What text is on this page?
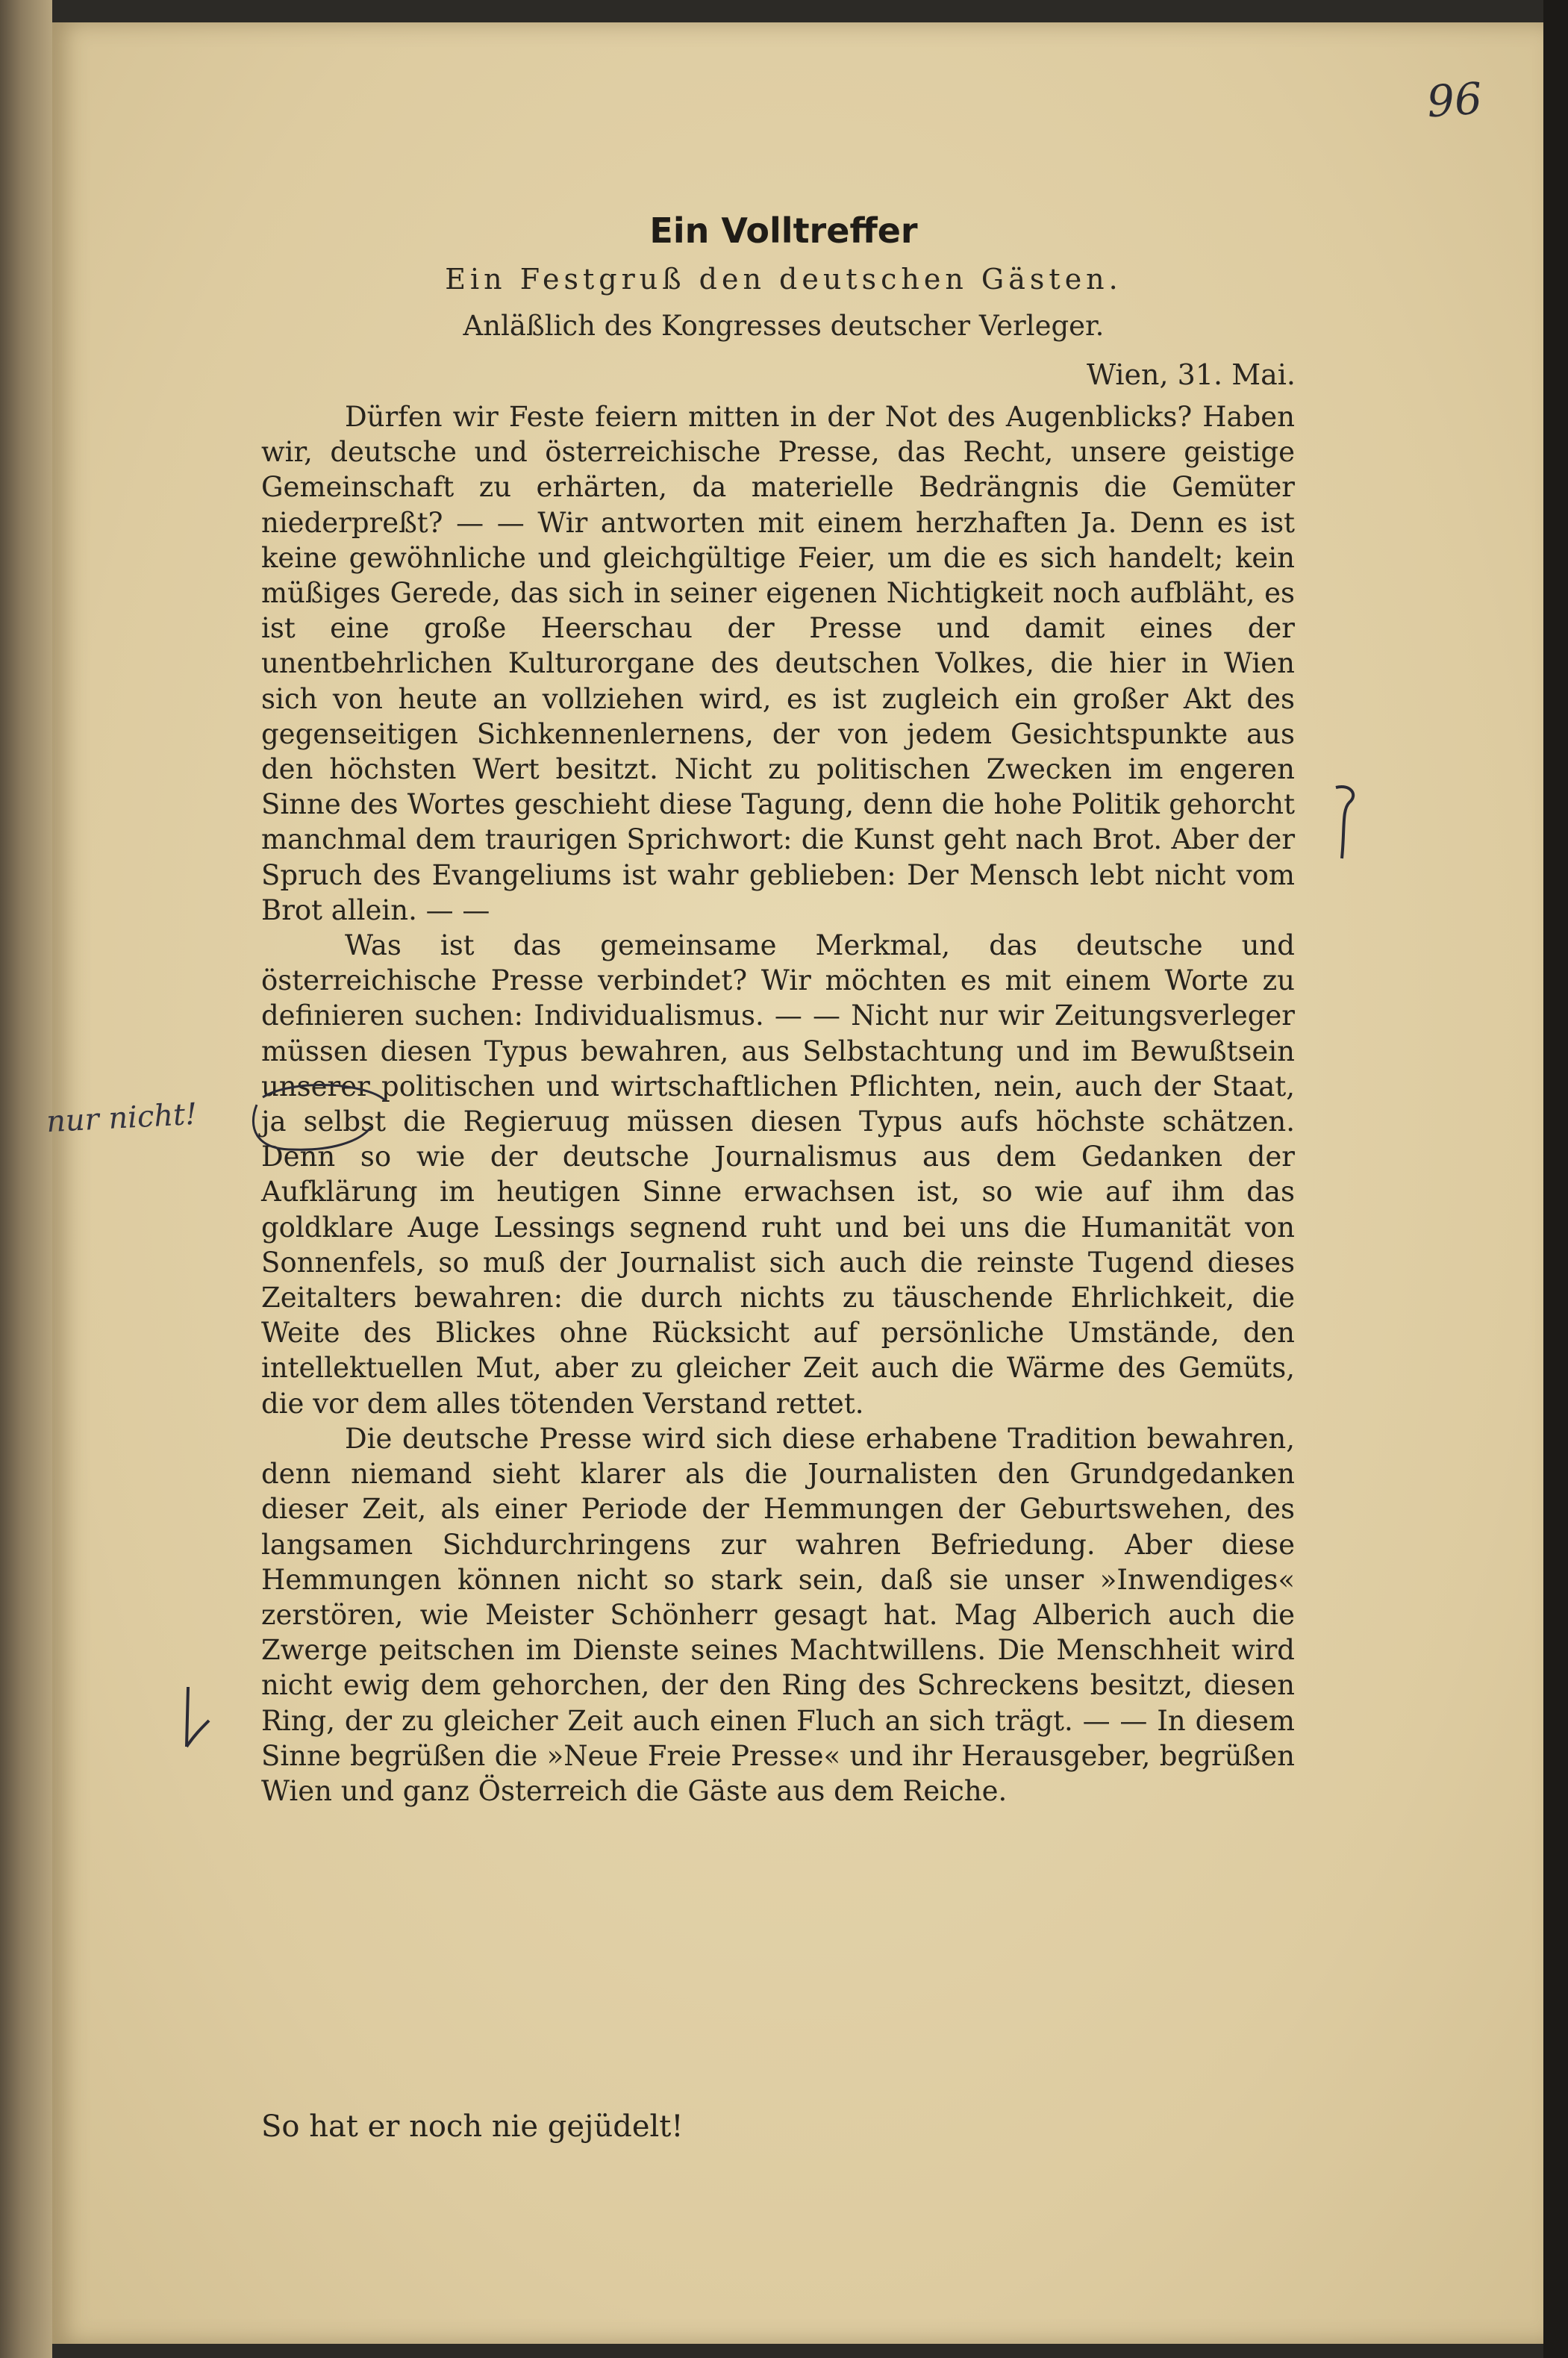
96
Ein Volltreffer
Ein Festgruß den deutschen Gästen.
Anläßlich des Kongresses deutscher Verleger.
Wien, 31. Mai.

Dürfen wir Feste feiern mitten in der Not des Augenblicks? Haben wir, deutsche und österreichische Presse, das Recht, unsere geistige Gemeinschaft zu erhärten, da materielle Bedrängnis die Gemüter niederpreßt? — — Wir antworten mit einem herzhaften Ja. Denn es ist keine gewöhnliche und gleichgültige Feier, um die es sich handelt; kein müßiges Gerede, das sich in seiner eigenen Nichtigkeit noch aufbläht, es ist eine große Heerschau der Presse und damit eines der unentbehrlichen Kulturorgane des deutschen Volkes, die hier in Wien sich von heute an vollziehen wird, es ist zugleich ein großer Akt des gegenseitigen Sichkennenlernens, der von jedem Gesichtspunkte aus den höchsten Wert besitzt. Nicht zu politischen Zwecken im engeren Sinne des Wortes geschieht diese Tagung, denn die hohe Politik gehorcht manchmal dem traurigen Sprichwort: die Kunst geht nach Brot. Aber der Spruch des Evangeliums ist wahr geblieben: Der Mensch lebt nicht vom Brot allein. — —

Was ist das gemeinsame Merkmal, das deutsche und österreichische Presse verbindet? Wir möchten es mit einem Worte zu definieren suchen: Individualismus. — — Nicht nur wir Zeitungsverleger müssen diesen Typus bewahren, aus Selbstachtung und im Bewußtsein unserer politischen und wirtschaftlichen Pflichten, nein, auch der Staat, ja selbst die Regieruug müssen diesen Typus aufs höchste schätzen. Denn so wie der deutsche Journalismus aus dem Gedanken der Aufklärung im heutigen Sinne erwachsen ist, so wie auf ihm das goldklare Auge Lessings segnend ruht und bei uns die Humanität von Sonnenfels, so muß der Journalist sich auch die reinste Tugend dieses Zeitalters bewahren: die durch nichts zu täuschende Ehrlichkeit, die Weite des Blickes ohne Rücksicht auf persönliche Umstände, den intellektuellen Mut, aber zu gleicher Zeit auch die Wärme des Gemüts, die vor dem alles tötenden Verstand rettet.

Die deutsche Presse wird sich diese erhabene Tradition bewahren, denn niemand sieht klarer als die Journalisten den Grundgedanken dieser Zeit, als einer Periode der Hemmungen der Geburtswehen, des langsamen Sichdurchringens zur wahren Befriedung. Aber diese Hemmungen können nicht so stark sein, daß sie unser »Inwendiges« zerstören, wie Meister Schönherr gesagt hat. Mag Alberich auch die Zwerge peitschen im Dienste seines Machtwillens. Die Menschheit wird nicht ewig dem gehorchen, der den Ring des Schreckens besitzt, diesen Ring, der zu gleicher Zeit auch einen Fluch an sich trägt. — — In diesem Sinne begrüßen die »Neue Freie Presse« und ihr Herausgeber, begrüßen Wien und ganz Österreich die Gäste aus dem Reiche.

So hat er noch nie gejüdelt!
nur nicht!
